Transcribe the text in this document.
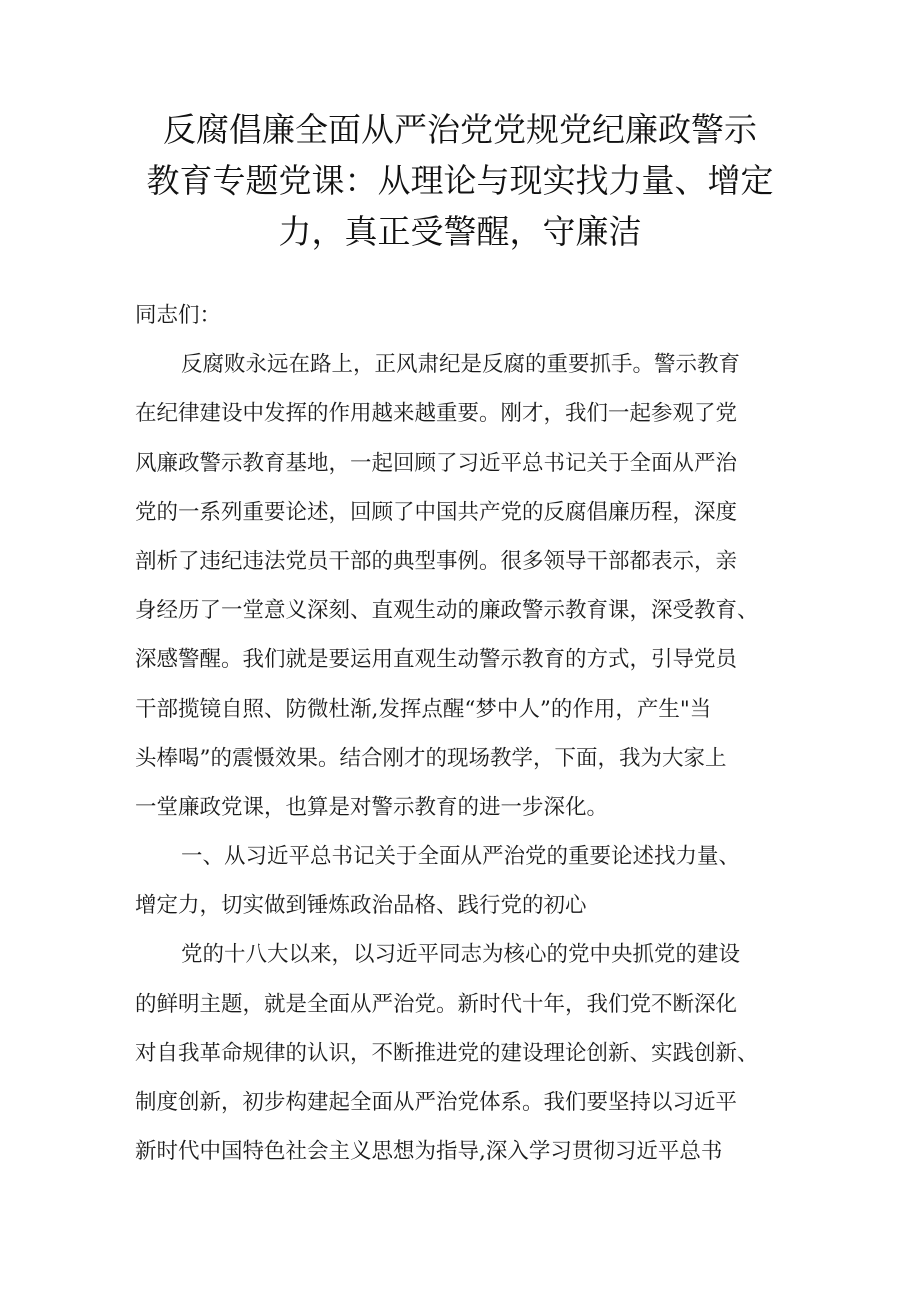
反腐倡廉全面从严治党党规党纪廉政警示
教育专题党课：从理论与现实找力量、增定
力，真正受警醒，守廉洁

同志们：

反腐败永远在路上，正风肃纪是反腐的重要抓手。警示教育
在纪律建设中发挥的作用越来越重要。刚才，我们一起参观了党
风廉政警示教育基地，一起回顾了习近平总书记关于全面从严治
党的一系列重要论述，回顾了中国共产党的反腐倡廉历程，深度
剖析了违纪违法党员干部的典型事例。很多领导干部都表示，亲
身经历了一堂意义深刻、直观生动的廉政警示教育课，深受教育、
深感警醒。我们就是要运用直观生动警示教育的方式，引导党员
干部揽镜自照、防微杜渐,发挥点醒“梦中人”的作用，产生"当
头棒喝”的震慑效果。结合刚才的现场教学，下面，我为大家上
一堂廉政党课，也算是对警示教育的进一步深化。

一、从习近平总书记关于全面从严治党的重要论述找力量、
增定力，切实做到锤炼政治品格、践行党的初心

党的十八大以来，以习近平同志为核心的党中央抓党的建设
的鲜明主题，就是全面从严治党。新时代十年，我们党不断深化
对自我革命规律的认识，不断推进党的建设理论创新、实践创新、
制度创新，初步构建起全面从严治党体系。我们要坚持以习近平
新时代中国特色社会主义思想为指导,深入学习贯彻习近平总书
